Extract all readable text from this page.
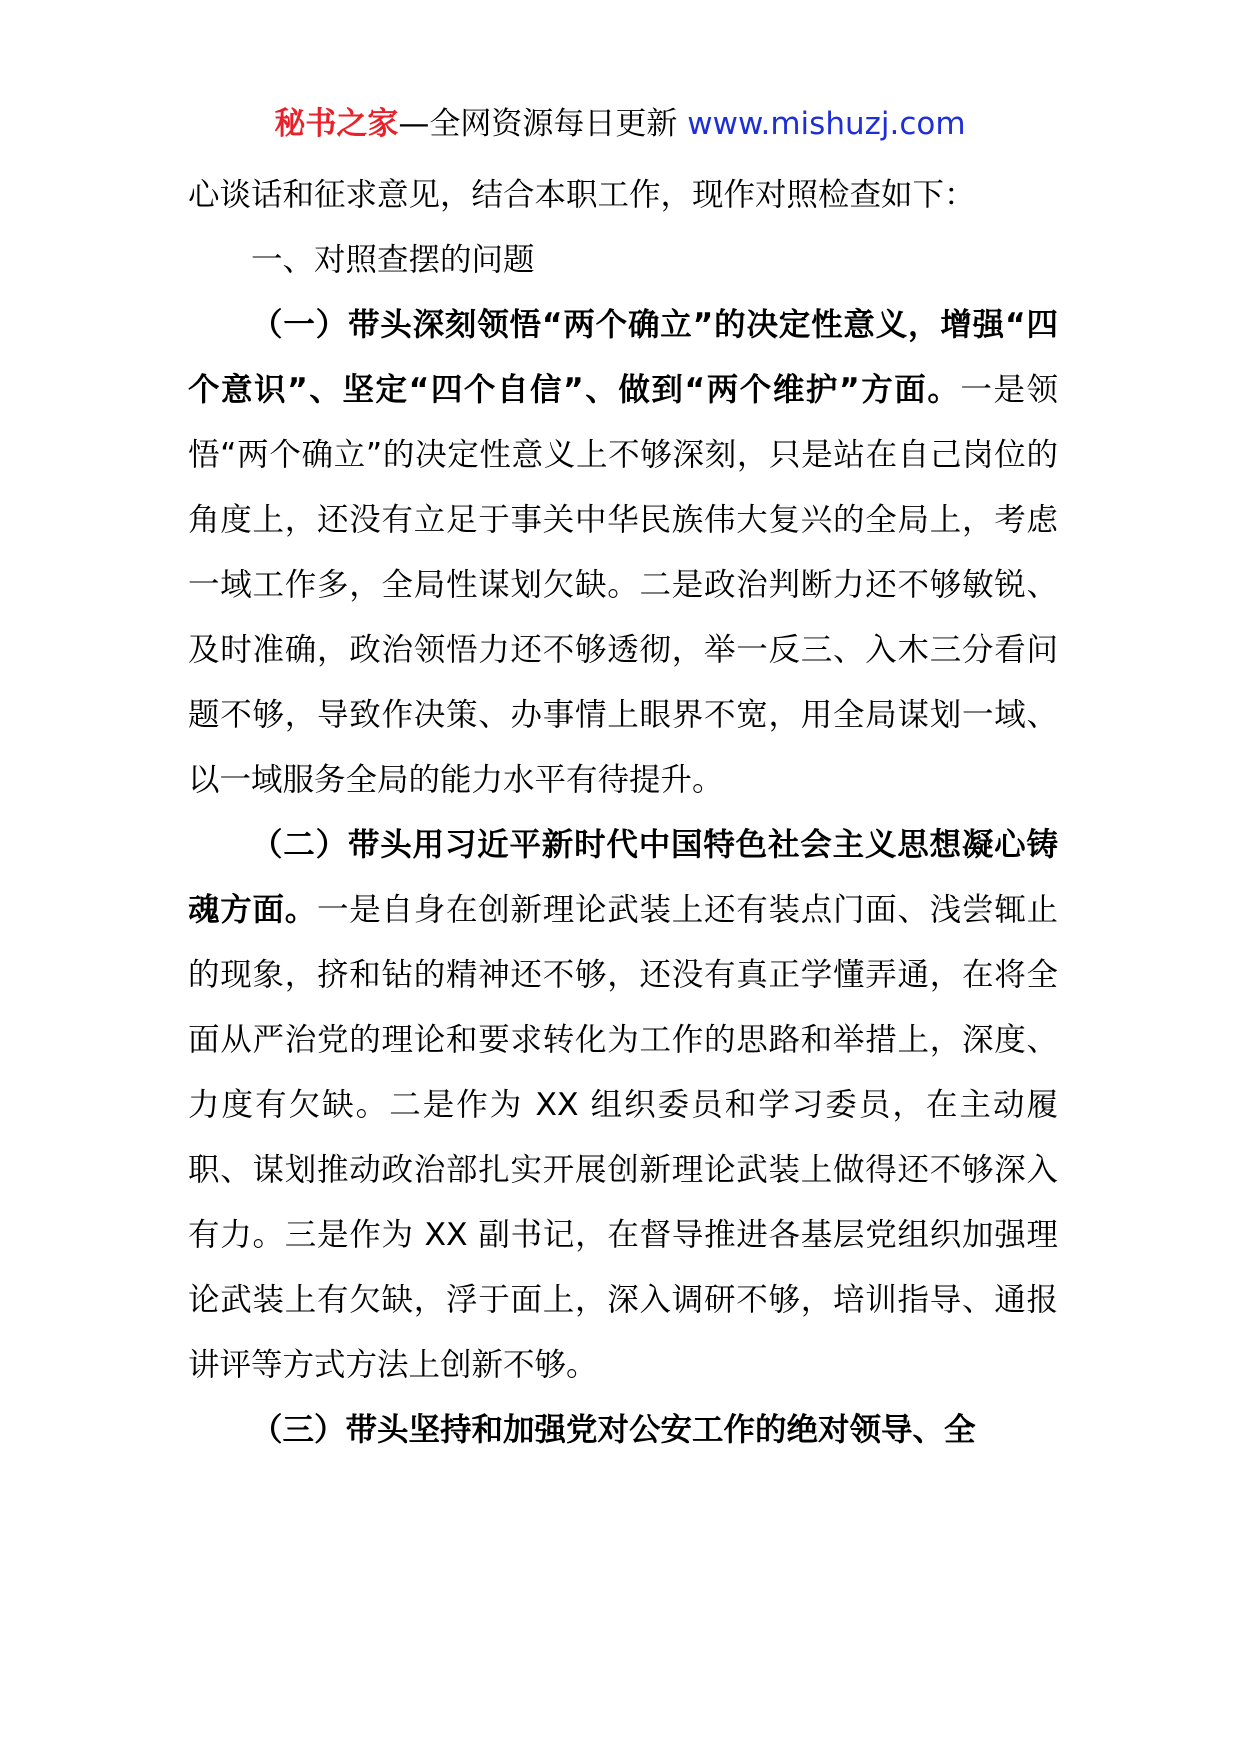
秘书之家—全网资源每日更新 www.mishuzj.com

心谈话和征求意见，结合本职工作，现作对照检查如下：

一、对照查摆的问题

（一）带头深刻领悟“两个确立”的决定性意义，增强“四个意识”、坚定“四个自信”、做到“两个维护”方面。一是领悟“两个确立”的决定性意义上不够深刻，只是站在自己岗位的角度上，还没有立足于事关中华民族伟大复兴的全局上，考虑一域工作多，全局性谋划欠缺。二是政治判断力还不够敏锐、及时准确，政治领悟力还不够透彻，举一反三、入木三分看问题不够，导致作决策、办事情上眼界不宽，用全局谋划一域、以一域服务全局的能力水平有待提升。

（二）带头用习近平新时代中国特色社会主义思想凝心铸魂方面。一是自身在创新理论武装上还有装点门面、浅尝辄止的现象，挤和钻的精神还不够，还没有真正学懂弄通，在将全面从严治党的理论和要求转化为工作的思路和举措上，深度、力度有欠缺。二是作为 XX 组织委员和学习委员，在主动履职、谋划推动政治部扎实开展创新理论武装上做得还不够深入有力。三是作为 XX 副书记，在督导推进各基层党组织加强理论武装上有欠缺，浮于面上，深入调研不够，培训指导、通报讲评等方式方法上创新不够。

（三）带头坚持和加强党对公安工作的绝对领导、全
